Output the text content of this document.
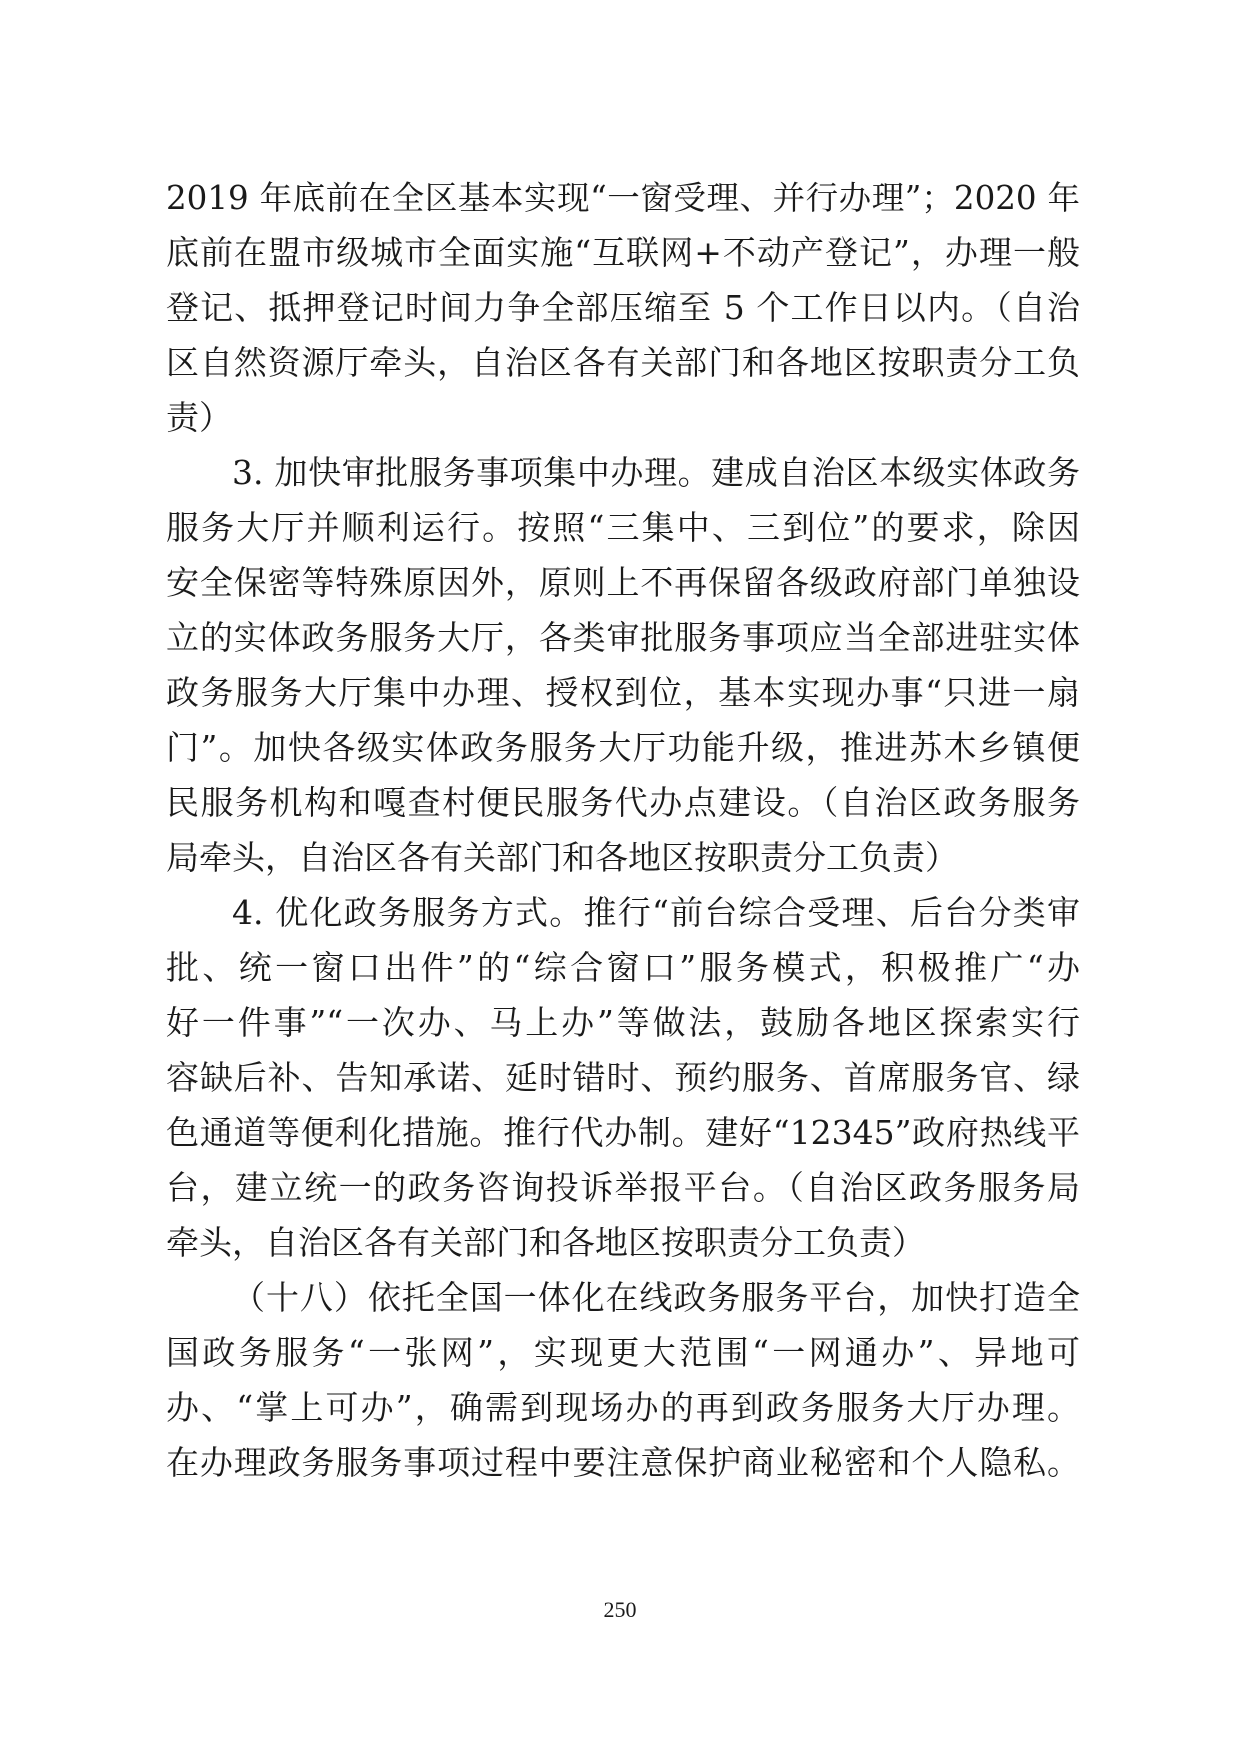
2019 年底前在全区基本实现“一窗受理、并行办理”；2020 年
底前在盟市级城市全面实施“互联网+不动产登记”，办理一般
登记、抵押登记时间力争全部压缩至 5 个工作日以内。（自治
区自然资源厅牵头，自治区各有关部门和各地区按职责分工负
责）
3. 加快审批服务事项集中办理。建成自治区本级实体政务
服务大厅并顺利运行。按照“三集中、三到位”的要求，除因
安全保密等特殊原因外，原则上不再保留各级政府部门单独设
立的实体政务服务大厅，各类审批服务事项应当全部进驻实体
政务服务大厅集中办理、授权到位，基本实现办事“只进一扇
门”。加快各级实体政务服务大厅功能升级，推进苏木乡镇便
民服务机构和嘎查村便民服务代办点建设。（自治区政务服务
局牵头，自治区各有关部门和各地区按职责分工负责）
4. 优化政务服务方式。推行“前台综合受理、后台分类审
批、统一窗口出件”的“综合窗口”服务模式，积极推广“办
好一件事”“一次办、马上办”等做法，鼓励各地区探索实行
容缺后补、告知承诺、延时错时、预约服务、首席服务官、绿
色通道等便利化措施。推行代办制。建好“12345”政府热线平
台，建立统一的政务咨询投诉举报平台。（自治区政务服务局
牵头，自治区各有关部门和各地区按职责分工负责）
（十八）依托全国一体化在线政务服务平台，加快打造全
国政务服务“一张网”，实现更大范围“一网通办”、异地可
办、“掌上可办”，确需到现场办的再到政务服务大厅办理。
在办理政务服务事项过程中要注意保护商业秘密和个人隐私。
250
